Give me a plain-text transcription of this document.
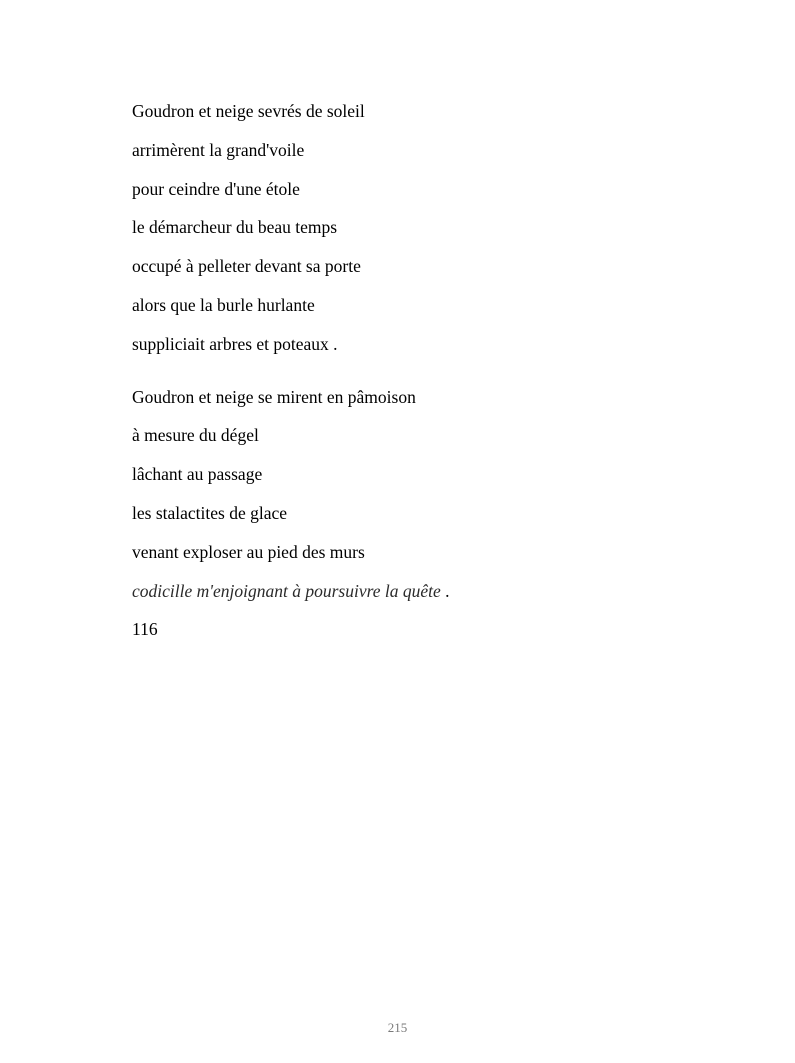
Goudron et neige sevrés de soleil
arrimèrent la grand'voile
pour ceindre d'une étole
le démarcheur du beau temps
occupé à pelleter devant sa porte
alors que la burle hurlante
suppliciait arbres et poteaux .
Goudron et neige se mirent en pâmoison
à mesure du dégel
lâchant au passage
les stalactites de glace
venant exploser au pied des murs
codicille m'enjoignant à poursuivre la quête .
116
215
